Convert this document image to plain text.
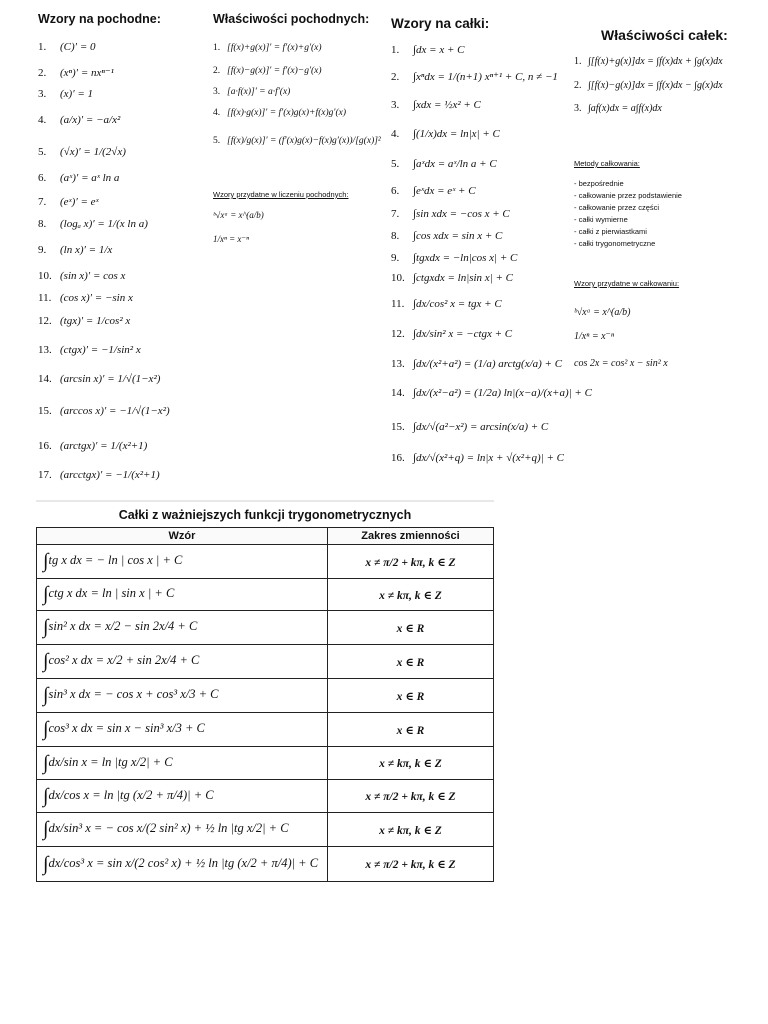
Wzory na pochodne:
1. (C)′ = 0
2. (xⁿ)′ = nxⁿ⁻¹
3. (x)′ = 1
4. (a/x)′ = −a/x²
5. (√x)′ = 1/(2√x)
6. (aˣ)′ = aˣ ln a
7. (eˣ)′ = eˣ
8. (logₐ x)′ = 1/(x ln a)
9. (ln x)′ = 1/x
10. (sin x)′ = cos x
11. (cos x)′ = −sin x
12. (tgx)′ = 1/cos² x
13. (ctgx)′ = −1/sin² x
14. (arcsin x)′ = 1/√(1−x²)
15. (arccos x)′ = −1/√(1−x²)
16. (arctgx)′ = 1/(x²+1)
17. (arcctgx)′ = −1/(x²+1)
Właściwości pochodnych:
1. [f(x)+g(x)]′ = f′(x)+g′(x)
2. [f(x)−g(x)]′ = f′(x)−g′(x)
3. [a·f(x)]′ = a·f′(x)
4. [f(x)·g(x)]′ = f′(x)g(x)+f(x)g′(x)
5. [f(x)/g(x)]′ = (f′(x)g(x)−f(x)g′(x))/[g(x)]²
Wzory przydatne w liczeniu pochodnych:
ᵇ√xᵃ = x^(a/b)
1/xⁿ = x⁻ⁿ
Wzory na całki:
1. ∫dx = x + C
2. ∫xⁿdx = 1/(n+1) xⁿ⁺¹ + C, n ≠ −1
3. ∫xdx = ½x² + C
4. ∫(1/x)dx = ln|x| + C
5. ∫aˣdx = aˣ/ln a + C
6. ∫eˣdx = eˣ + C
7. ∫sin xdx = −cos x + C
8. ∫cos xdx = sin x + C
9. ∫tgxdx = −ln|cos x| + C
10. ∫ctgxdx = ln|sin x| + C
11. ∫dx/cos² x = tgx + C
12. ∫dx/sin² x = −ctgx + C
13. ∫dx/(x²+a²) = (1/a) arctg(x/a) + C
14. ∫dx/(x²−a²) = (1/2a) ln|(x−a)/(x+a)| + C
15. ∫dx/√(a²−x²) = arcsin(x/a) + C
16. ∫dx/√(x²+q) = ln|x + √(x²+q)| + C
Właściwości całek:
1. ∫[f(x)+g(x)]dx = ∫f(x)dx + ∫g(x)dx
2. ∫[f(x)−g(x)]dx = ∫f(x)dx − ∫g(x)dx
3. ∫af(x)dx = a∫f(x)dx
Metody całkowania:
- bezpośrednie
- całkowanie przez podstawienie
- całkowanie przez części
- całki wymierne
- całki z pierwiastkami
- całki trygonometryczne
Wzory przydatne w całkowaniu:
ᵇ√xᵃ = x^(a/b)
1/xⁿ = x⁻ⁿ
cos 2x = cos² x − sin² x
Całki z ważniejszych funkcji trygonometrycznych
Wzór	Zakres zmienności
∫tg x dx = − ln | cos x | + C	x ≠ π/2 + kπ, k ∈ Z
∫ctg x dx = ln | sin x | + C	x ≠ kπ, k ∈ Z
∫sin² x dx = x/2 − sin 2x/4 + C	x ∈ R
∫cos² x dx = x/2 + sin 2x/4 + C	x ∈ R
∫sin³ x dx = − cos x + cos³ x/3 + C	x ∈ R
∫cos³ x dx = sin x − sin³ x/3 + C	x ∈ R
∫dx/sin x = ln |tg x/2| + C	x ≠ kπ, k ∈ Z
∫dx/cos x = ln |tg (x/2 + π/4)| + C	x ≠ π/2 + kπ, k ∈ Z
∫dx/sin³ x = − cos x/(2 sin² x) + ½ ln |tg x/2| + C	x ≠ kπ, k ∈ Z
∫dx/cos³ x = sin x/(2 cos² x) + ½ ln |tg (x/2 + π/4)| + C	x ≠ π/2 + kπ, k ∈ Z
